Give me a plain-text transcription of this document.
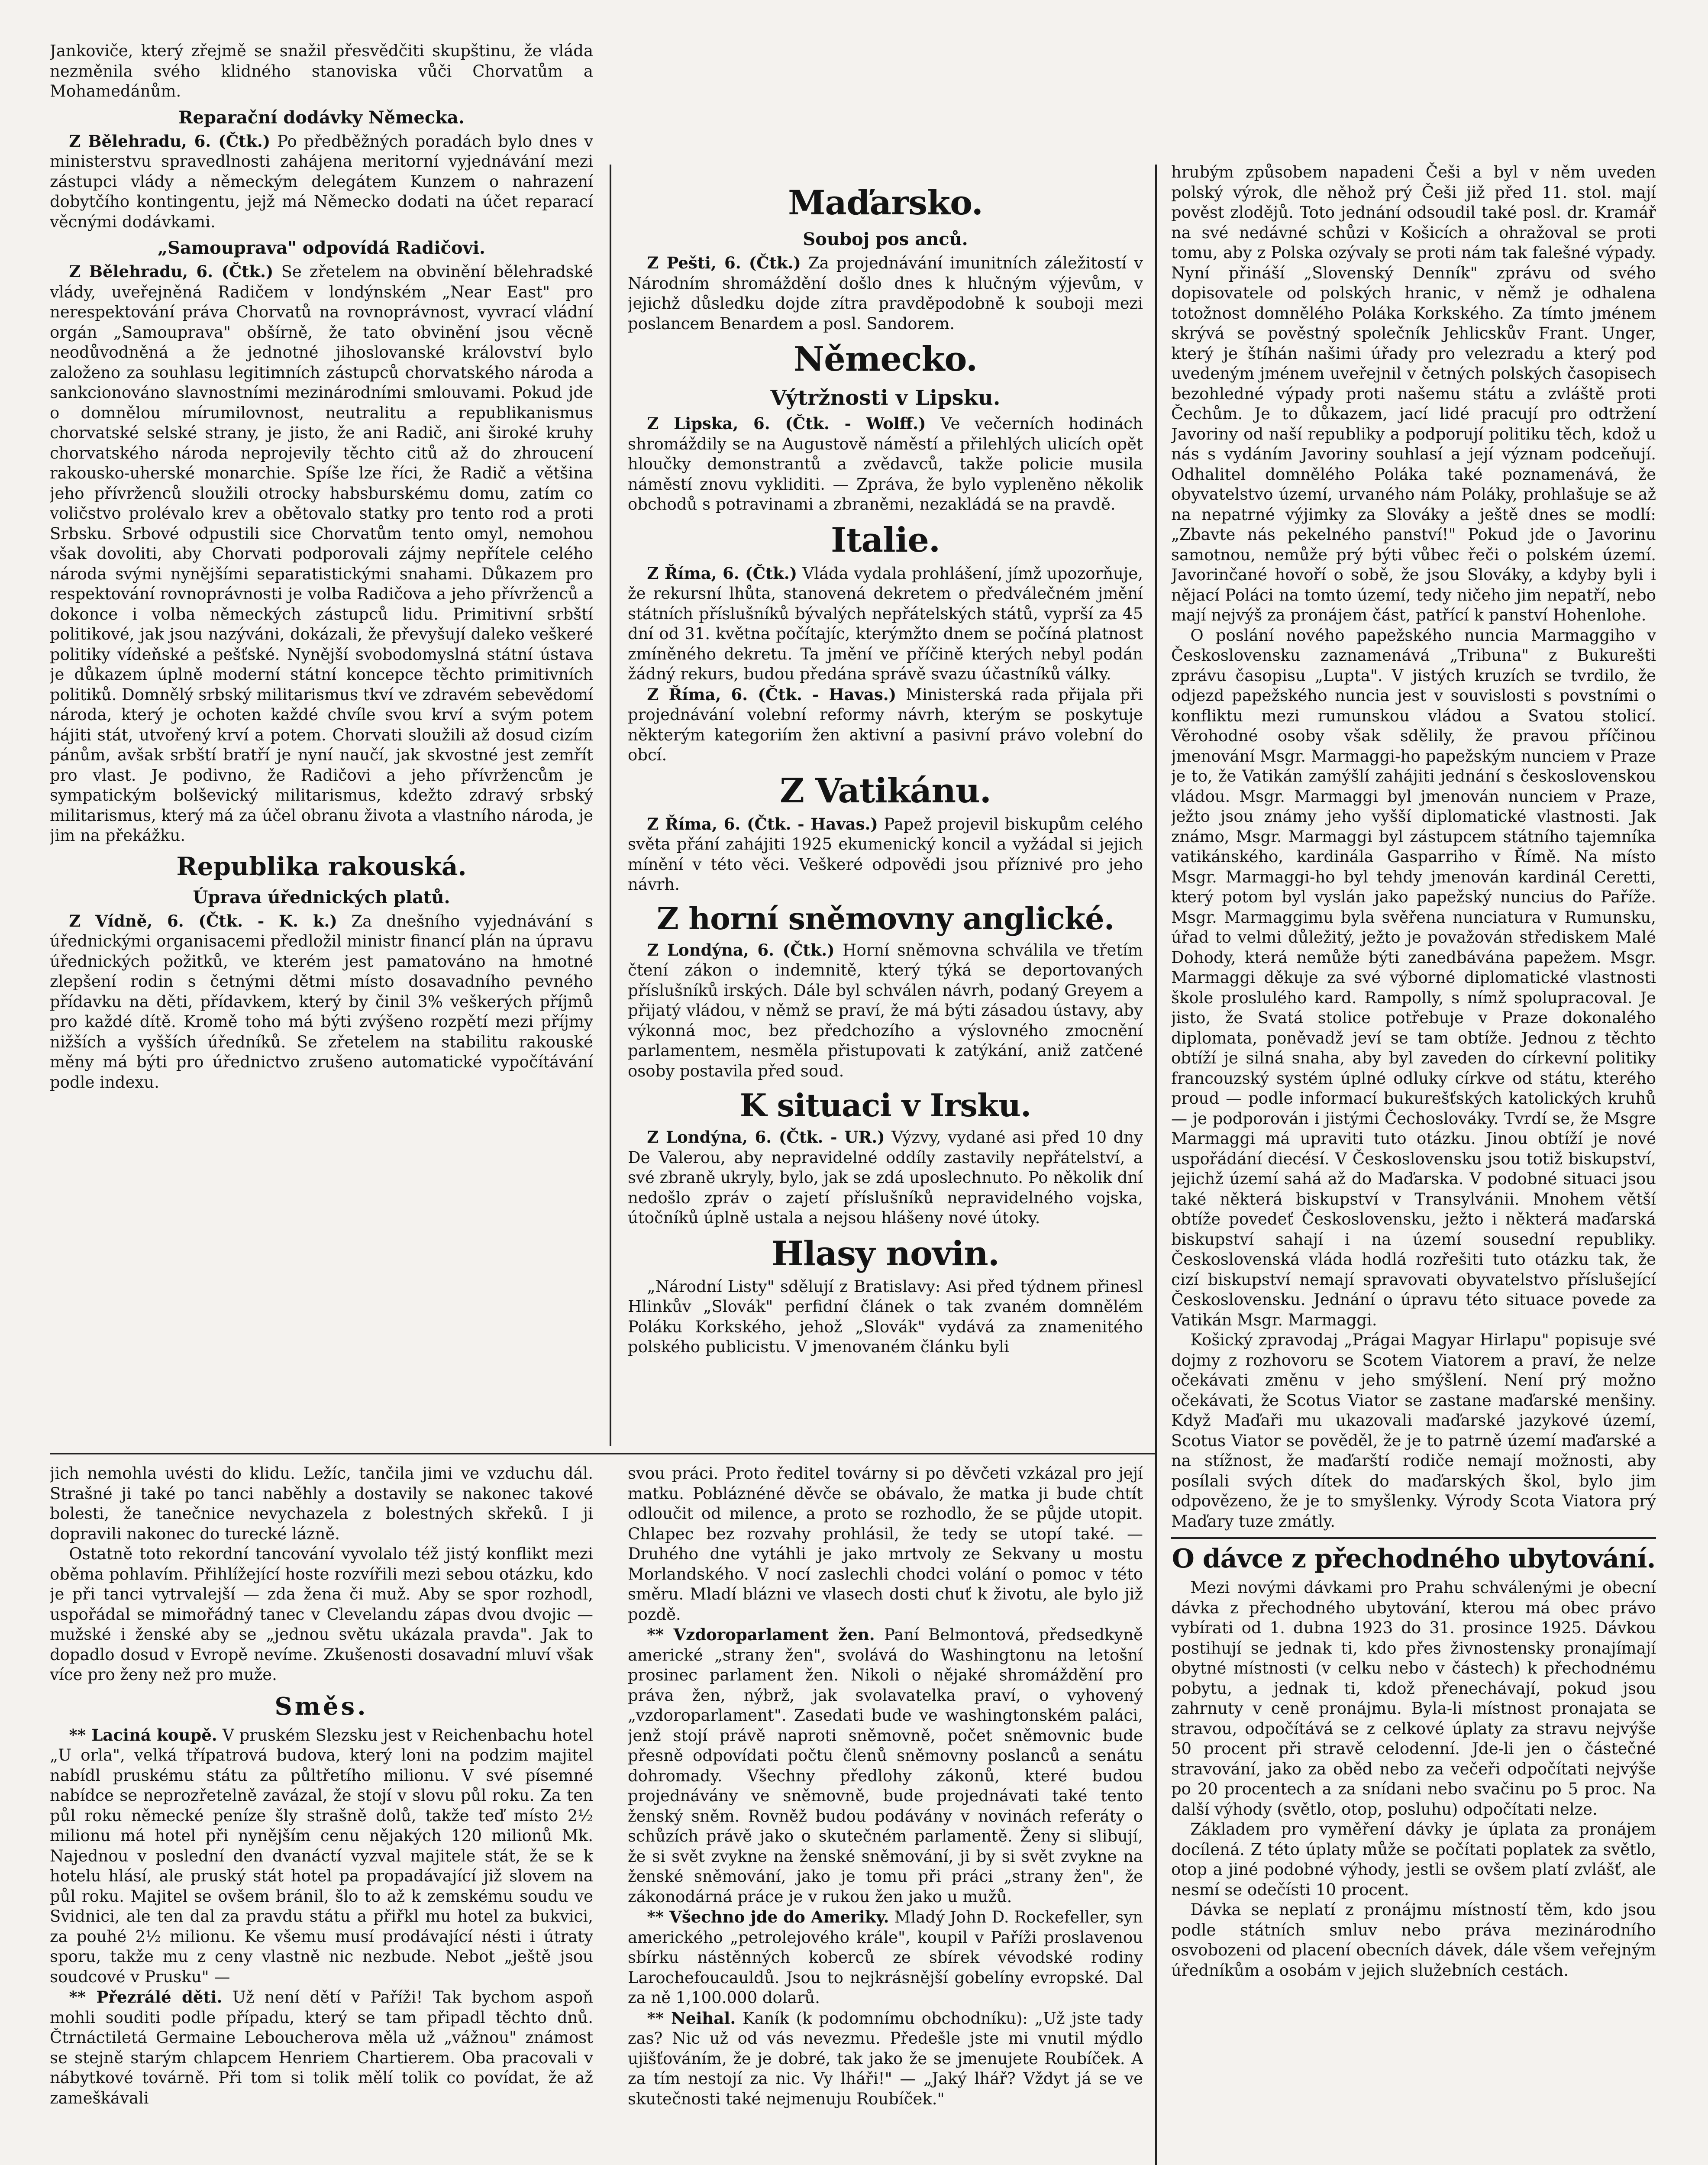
Jankoviče, který zřejmě se snažil přesvědčiti skupštinu, že vláda nezměnila svého klidného stanoviska vůči Chorvatům a Mohamedánům.

Reparační dodávky Německa.

Z Bělehradu, 6. (Čtk.) Po předběžných poradách bylo dnes v ministerstvu spravedlnosti zahájena meritorní vyjednávání mezi zástupci vlády a německým delegátem Kunzem o nahrazení dobytčího kontingentu, jejž má Německo dodati na účet reparací věcnými dodávkami.

„Samouprava" odpovídá Radičovi.

Z Bělehradu, 6. (Čtk.) Se zřetelem na obvinění bělehradské vlády, uveřejněná Radičem v londýnském „Near East" pro nerespektování práva Chorvatů na rovnoprávnost, vyvrací vládní orgán „Samouprava" obšírně, že tato obvinění jsou věcně neodůvodněná a že jednotné jihoslovanské království bylo založeno za souhlasu legitimních zástupců chorvatského národa a sankcionováno slavnostními mezinárodními smlouvami. Pokud jde o domnělou mírumilovnost, neutralitu a republikanismus chorvatské selské strany, je jisto, že ani Radič, ani široké kruhy chorvatského národa neprojevily těchto citů až do zhroucení rakousko-uherské monarchie. Spíše lze říci, že Radič a většina jeho přívrženců sloužili otrocky habsburskému domu, zatím co voličstvo prolévalo krev a obětovalo statky pro tento rod a proti Srbsku. Srbové odpustili sice Chorvatům tento omyl, nemohou však dovoliti, aby Chorvati podporovali zájmy nepřítele celého národa svými nynějšími separatistickými snahami. Důkazem pro respektování rovnoprávnosti je volba Radičova a jeho přívrženců a dokonce i volba německých zástupců lidu. Primitivní srbští politikové, jak jsou nazýváni, dokázali, že převyšují daleko veškeré politiky vídeňské a pešťské. Nynější svobodomyslná státní ústava je důkazem úplně moderní státní koncepce těchto primitivních politiků. Domnělý srbský militarismus tkví ve zdravém sebevědomí národa, který je ochoten každé chvíle svou krví a svým potem hájiti stát, utvořený krví a potem. Chorvati sloužili až dosud cizím pánům, avšak srbští bratří je nyní naučí, jak skvostné jest zemřít pro vlast. Je podivno, že Radičovi a jeho přívržencům je sympatickým bolševický militarismus, kdežto zdravý srbský militarismus, který má za účel obranu života a vlastního národa, je jim na překážku.

Republika rakouská.
Úprava úřednických platů.

Z Vídně, 6. (Čtk. - K. k.) Za dnešního vyjednávání s úřednickými organisacemi předložil ministr financí plán na úpravu úřednických požitků, ve kterém jest pamatováno na hmotné zlepšení rodin s četnými dětmi místo dosavadního pevného přídavku na děti, přídavkem, který by činil 3% veškerých příjmů pro každé dítě. Kromě toho má býti zvýšeno rozpětí mezi příjmy nižších a vyšších úředníků. Se zřetelem na stabilitu rakouské měny má býti pro úřednictvo zrušeno automatické vypočítávání podle indexu.

Maďarsko.
Souboj pos anců.

Z Pešti, 6. (Čtk.) Za projednávání imunitních záležitostí v Národním shromáždění došlo dnes k hlučným výjevům, v jejichž důsledku dojde zítra pravděpodobně k souboji mezi poslancem Benardem a posl. Sandorem.

Německo.
Výtržnosti v Lipsku.

Z Lipska, 6. (Čtk. - Wolff.) Ve večerních hodinách shromáždily se na Augustově náměstí a přilehlých ulicích opět hloučky demonstrantů a zvědavců, takže policie musila náměstí znovu vykliditi. — Zpráva, že bylo vypleněno několik obchodů s potravinami a zbraněmi, nezakládá se na pravdě.

Italie.

Z Říma, 6. (Čtk.) Vláda vydala prohlášení, jímž upozorňuje, že rekursní lhůta, stanovená dekretem o předválečném jmění státních příslušníků bývalých nepřátelských států, vyprší za 45 dní od 31. května počítajíc, kterýmžto dnem se počíná platnost zmíněného dekretu. Ta jmění ve příčině kterých nebyl podán žádný rekurs, budou předána správě svazu účastníků války.

Z Říma, 6. (Čtk. - Havas.) Ministerská rada přijala při projednávání volební reformy návrh, kterým se poskytuje některým kategoriím žen aktivní a pasivní právo volební do obcí.

Z Vatikánu.

Z Říma, 6. (Čtk. - Havas.) Papež projevil biskupům celého světa přání zahájiti 1925 ekumenický koncil a vyžádal si jejich mínění v této věci. Veškeré odpovědi jsou příznivé pro jeho návrh.

Z horní sněmovny anglické.

Z Londýna, 6. (Čtk.) Horní sněmovna schválila ve třetím čtení zákon o indemnitě, který týká se deportovaných příslušníků irských. Dále byl schválen návrh, podaný Greyem a přijatý vládou, v němž se praví, že má býti zásadou ústavy, aby výkonná moc, bez předchozího a výslovného zmocnění parlamentem, nesměla přistupovati k zatýkání, aniž zatčené osoby postavila před soud.

K situaci v Irsku.

Z Londýna, 6. (Čtk. - UR.) Výzvy, vydané asi před 10 dny De Valerou, aby nepravidelné oddíly zastavily nepřátelství, a své zbraně ukryly, bylo, jak se zdá uposlechnuto. Po několik dní nedošlo zpráv o zajetí příslušníků nepravidelného vojska, útočníků úplně ustala a nejsou hlášeny nové útoky.

Hlasy novin.

„Národní Listy" sdělují z Bratislavy: Asi před týdnem přinesl Hlinkův „Slovák" perfidní článek o tak zvaném domnělém Poláku Korkského, jehož „Slovák" vydává za znamenitého polského publicistu. V jmenovaném článku byli

hrubým způsobem napadeni Češi a byl v něm uveden polský výrok, dle něhož prý Češi již před 11. stol. mají pověst zlodějů. Toto jednání odsoudil také posl. dr. Kramář na své nedávné schůzi v Košicích a ohražoval se proti tomu, aby z Polska ozývaly se proti nám tak falešné výpady. Nyní přináší „Slovenský Denník" zprávu od svého dopisovatele od polských hranic, v němž je odhalena totožnost domnělého Poláka Korkského. Za tímto jménem skrývá se pověstný společník Jehlicskův Frant. Unger, který je štíhán našimi úřady pro velezradu a který pod uvedeným jménem uveřejnil v četných polských časopisech bezohledné výpady proti našemu státu a zvláště proti Čechům. Je to důkazem, jací lidé pracují pro odtržení Javoriny od naší republiky a podporují politiku těch, kdož u nás s vydáním Javoriny souhlasí a její význam podceňují. Odhalitel domnělého Poláka také poznamenává, že obyvatelstvo území, urvaného nám Poláky, prohlašuje se až na nepatrné výjimky za Slováky a ještě dnes se modlí: „Zbavte nás pekelného panství!" Pokud jde o Javorinu samotnou, nemůže prý býti vůbec řeči o polském území. Javorinčané hovoří o sobě, že jsou Slováky, a kdyby byli i nějací Poláci na tomto území, tedy ničeho jim nepatří, nebo mají nejvýš za pronájem část, patřící k panství Hohenlohe.

O poslání nového papežského nuncia Marmaggiho v Československu zaznamenává „Tribuna" z Bukurešti zprávu časopisu „Lupta". V jistých kruzích se tvrdilo, že odjezd papežského nuncia jest v souvislosti s povstními o konfliktu mezi rumunskou vládou a Svatou stolicí. Věrohodné osoby však sdělily, že pravou příčinou jmenování Msgr. Marmaggi-ho papežským nunciem v Praze je to, že Vatikán zamýšlí zahájiti jednání s československou vládou. Msgr. Marmaggi byl jmenován nunciem v Praze, ježto jsou známy jeho vyšší diplomatické vlastnosti. Jak známo, Msgr. Marmaggi byl zástupcem státního tajemníka vatikánského, kardinála Gasparriho v Římě. Na místo Msgr. Marmaggi-ho byl tehdy jmenován kardinál Ceretti, který potom byl vyslán jako papežský nuncius do Paříže. Msgr. Marmaggimu byla svěřena nunciatura v Rumunsku, úřad to velmi důležitý, ježto je považován střediskem Malé Dohody, která nemůže býti zanedbávána papežem. Msgr. Marmaggi děkuje za své výborné diplomatické vlastnosti škole proslulého kard. Rampolly, s nímž spolupracoval. Je jisto, že Svatá stolice potřebuje v Praze dokonalého diplomata, poněvadž jeví se tam obtíže. Jednou z těchto obtíží je silná snaha, aby byl zaveden do církevní politiky francouzský systém úplné odluky církve od státu, kterého proud — podle informací bukurešťských katolických kruhů — je podporován i jistými Čechoslováky. Tvrdí se, že Msgre Marmaggi má upraviti tuto otázku. Jinou obtíží je nové uspořádání diecésí. V Československu jsou totiž biskupství, jejichž území sahá až do Maďarska. V podobné situaci jsou také některá biskupství v Transylvánii. Mnohem větší obtíže povedeť Československu, ježto i některá maďarská biskupství sahají i na území sousední republiky. Československá vláda hodlá rozřešiti tuto otázku tak, že cizí biskupství nemají spravovati obyvatelstvo příslušející Československu. Jednání o úpravu této situace povede za Vatikán Msgr. Marmaggi.

Košický zpravodaj „Prágai Magyar Hirlapu" popisuje své dojmy z rozhovoru se Scotem Viatorem a praví, že nelze očekávati změnu v jeho smýšlení. Není prý možno očekávati, že Scotus Viator se zastane maďarské menšiny. Když Maďaři mu ukazovali maďarské jazykové území, Scotus Viator se pověděl, že je to patrně území maďarské a na stížnost, že maďarští rodiče nemají možnosti, aby posílali svých dítek do maďarských škol, bylo jim odpovězeno, že je to smyšlenky. Výrody Scota Viatora prý Maďary tuze zmátly.

O dávce z přechodného ubytování.

Mezi novými dávkami pro Prahu schválenými je obecní dávka z přechodného ubytování, kterou má obec právo vybírati od 1. dubna 1923 do 31. prosince 1925. Dávkou postihují se jednak ti, kdo přes živnostensky pronajímají obytné místnosti (v celku nebo v částech) k přechodnému pobytu, a jednak ti, kdož přenechávají, pokud jsou zahrnuty v ceně pronájmu. Byla-li místnost pronajata se stravou, odpočítává se z celkové úplaty za stravu nejvýše 50 procent při stravě celodenní. Jde-li jen o částečné stravování, jako za oběd nebo za večeři odpočítati nejvýše po 20 procentech a za snídani nebo svačinu po 5 proc. Na další výhody (světlo, otop, posluhu) odpočítati nelze.

Základem pro vyměření dávky je úplata za pronájem docílená. Z této úplaty může se počítati poplatek za světlo, otop a jiné podobné výhody, jestli se ovšem platí zvlášť, ale nesmí se odečísti 10 procent.

Dávka se neplatí z pronájmu místností těm, kdo jsou podle státních smluv nebo práva mezinárodního osvobozeni od placení obecních dávek, dále všem veřejným úředníkům a osobám v jejich služebních cestách.

jich nemohla uvésti do klidu. Ležíc, tančila jimi ve vzduchu dál. Strašné ji také po tanci naběhly a dostavily se nakonec takové bolesti, že tanečnice nevychazela z bolestných skřeků. I ji dopravili nakonec do turecké lázně.

Ostatně toto rekordní tancování vyvolalo též jistý konflikt mezi oběma pohlavím. Přihlížející hoste rozvířili mezi sebou otázku, kdo je při tanci vytrvalejší — zda žena či muž. Aby se spor rozhodl, uspořádal se mimořádný tanec v Clevelandu zápas dvou dvojic — mužské i ženské aby se „jednou světu ukázala pravda". Jak to dopadlo dosud v Evropě nevíme. Zkušenosti dosavadní mluví však více pro ženy než pro muže.

Směs.

** Laciná koupě. V pruském Slezsku jest v Reichenbachu hotel „U orla", velká třípatrová budova, který loni na podzim majitel nabídl pruskému státu za půltřetího milionu. V své písemné nabídce se neprozřetelně zavázal, že stojí v slovu půl roku. Za ten půl roku německé peníze šly strašně dolů, takže teď místo 2½ milionu má hotel při nynějším cenu nějakých 120 milionů Mk. Najednou v poslední den dvanáctí vyzval majitele stát, že se k hotelu hlásí, ale pruský stát hotel pa propadávající již slovem na půl roku. Majitel se ovšem bránil, šlo to až k zemskému soudu ve Svidnici, ale ten dal za pravdu státu a přiřkl mu hotel za bukvici, za pouhé 2½ milionu. Ke všemu musí prodávající nésti i útraty sporu, takže mu z ceny vlastně nic nezbude. Nebot „ještě jsou soudcové v Prusku" —

** Přezrálé děti. Už není dětí v Paříži! Tak bychom aspoň mohli souditi podle případu, který se tam připadl těchto dnů. Čtrnáctiletá Germaine Leboucherova měla už „vážnou" známost se stejně starým chlapcem Henriem Chartierem. Oba pracovali v nábytkové továrně. Při tom si tolik mělí tolik co povídat, že až zameškávali

svou práci. Proto ředitel továrny si po děvčeti vzkázal pro její matku. Pobláznéné děvče se obávalo, že matka ji bude chtít odloučit od milence, a proto se rozhodlo, že se půjde utopit. Chlapec bez rozvahy prohlásil, že tedy se utopí také. — Druhého dne vytáhli je jako mrtvoly ze Sekvany u mostu Morlandského. V nocí zaslechli chodci volání o pomoc v této směru. Mladí blázni ve vlasech dosti chuť k životu, ale bylo již pozdě.

** Vzdoroparlament žen. Paní Belmontová, předsedkyně americké „strany žen", svolává do Washingtonu na letošní prosinec parlament žen. Nikoli o nějaké shromáždění pro práva žen, nýbrž, jak svolavatelka praví, o vyhovený „vzdoroparlament". Zasedati bude ve washingtonském paláci, jenž stojí právě naproti sněmovně, počet sněmovnic bude přesně odpovídati počtu členů sněmovny poslanců a senátu dohromady. Všechny předlohy zákonů, které budou projednávány ve sněmovně, bude projednávati také tento ženský sněm. Rovněž budou podávány v novinách referáty o schůzích právě jako o skutečném parlamentě. Ženy si slibují, že si svět zvykne na ženské sněmování, ji by si svět zvykne na ženské sněmování, jako je tomu při práci „strany žen", že zákonodárná práce je v rukou žen jako u mužů.

** Všechno jde do Ameriky. Mladý John D. Rockefeller, syn amerického „petrolejového krále", koupil v Paříži proslavenou sbírku nástěnných koberců ze sbírek vévodské rodiny Larochefoucauldů. Jsou to nejkrásnější gobelíny evropské. Dal za ně 1,100.000 dolarů.

** Neihal. Kaník (k podomnímu obchodníku): „Už jste tady zas? Nic už od vás nevezmu. Předešle jste mi vnutil mýdlo ujišťováním, že je dobré, tak jako že se jmenujete Roubíček. A za tím nestojí za nic. Vy lháři!" — „Jaký lhář? Vždyt já se ve skutečnosti také nejmenuju Roubíček."
